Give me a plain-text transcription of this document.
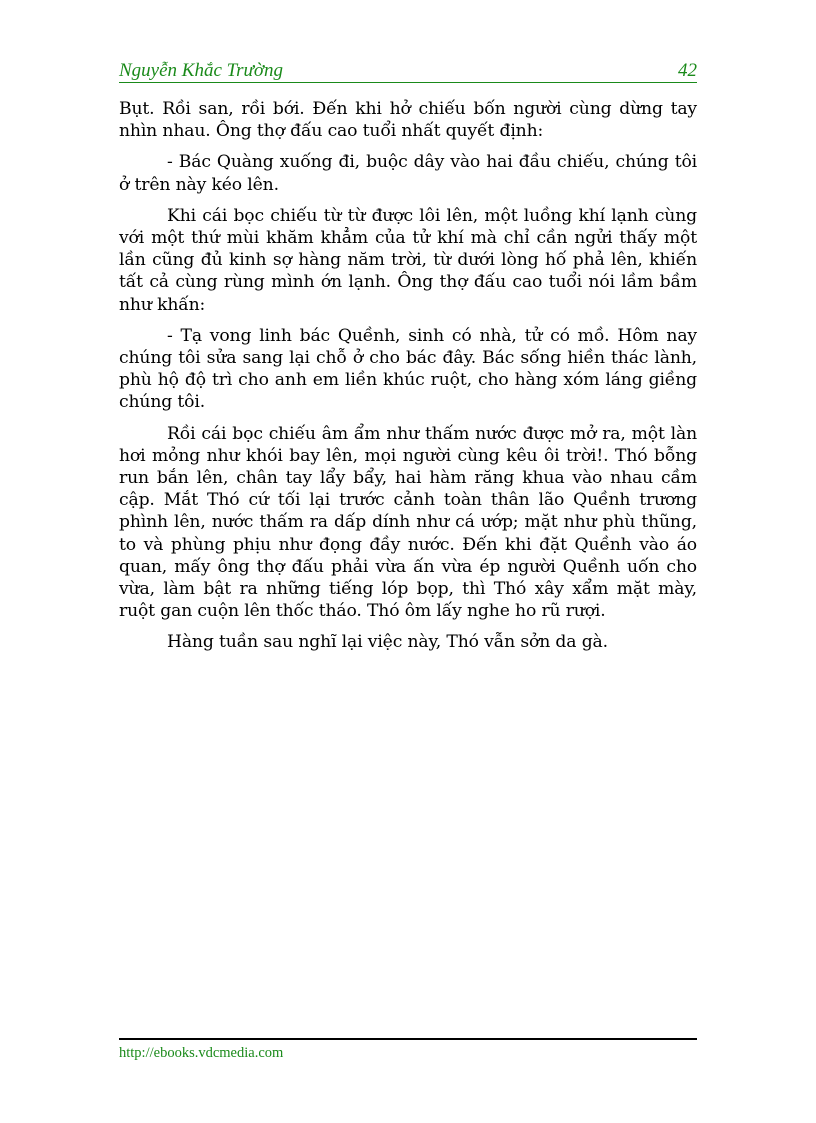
Nguyễn Khắc Trường	42

Bụt. Rồi san, rồi bới. Đến khi hở chiếu bốn người cùng dừng tay nhìn nhau. Ông thợ đấu cao tuổi nhất quyết định:

- Bác Quàng xuống đi, buộc dây vào hai đầu chiếu, chúng tôi ở trên này kéo lên.

Khi cái bọc chiếu từ từ được lôi lên, một luồng khí lạnh cùng với một thứ mùi khăm khẳm của tử khí mà chỉ cần ngửi thấy một lần cũng đủ kinh sợ hàng năm trời, từ dưới lòng hố phả lên, khiến tất cả cùng rùng mình ớn lạnh. Ông thợ đấu cao tuổi nói lầm bầm như khấn:

- Tạ vong linh bác Quềnh, sinh có nhà, tử có mồ. Hôm nay chúng tôi sửa sang lại chỗ ở cho bác đây. Bác sống hiền thác lành, phù hộ độ trì cho anh em liền khúc ruột, cho hàng xóm láng giềng chúng tôi.

Rồi cái bọc chiếu âm ẩm như thấm nước được mở ra, một làn hơi mỏng như khói bay lên, mọi người cùng kêu ôi trời!. Thó bỗng run bắn lên, chân tay lẩy bẩy, hai hàm răng khua vào nhau cầm cập. Mắt Thó cứ tối lại trước cảnh toàn thân lão Quềnh trương phình lên, nước thấm ra dấp dính như cá ướp; mặt như phù thũng, to và phùng phịu như đọng đầy nước. Đến khi đặt Quềnh vào áo quan, mấy ông thợ đấu phải vừa ấn vừa ép người Quềnh uốn cho vừa, làm bật ra những tiếng lóp bọp, thì Thó xây xẩm mặt mày, ruột gan cuộn lên thốc tháo. Thó ôm lấy nghe ho rũ rượi.

Hàng tuần sau nghĩ lại việc này, Thó vẫn sởn da gà.

http://ebooks.vdcmedia.com
